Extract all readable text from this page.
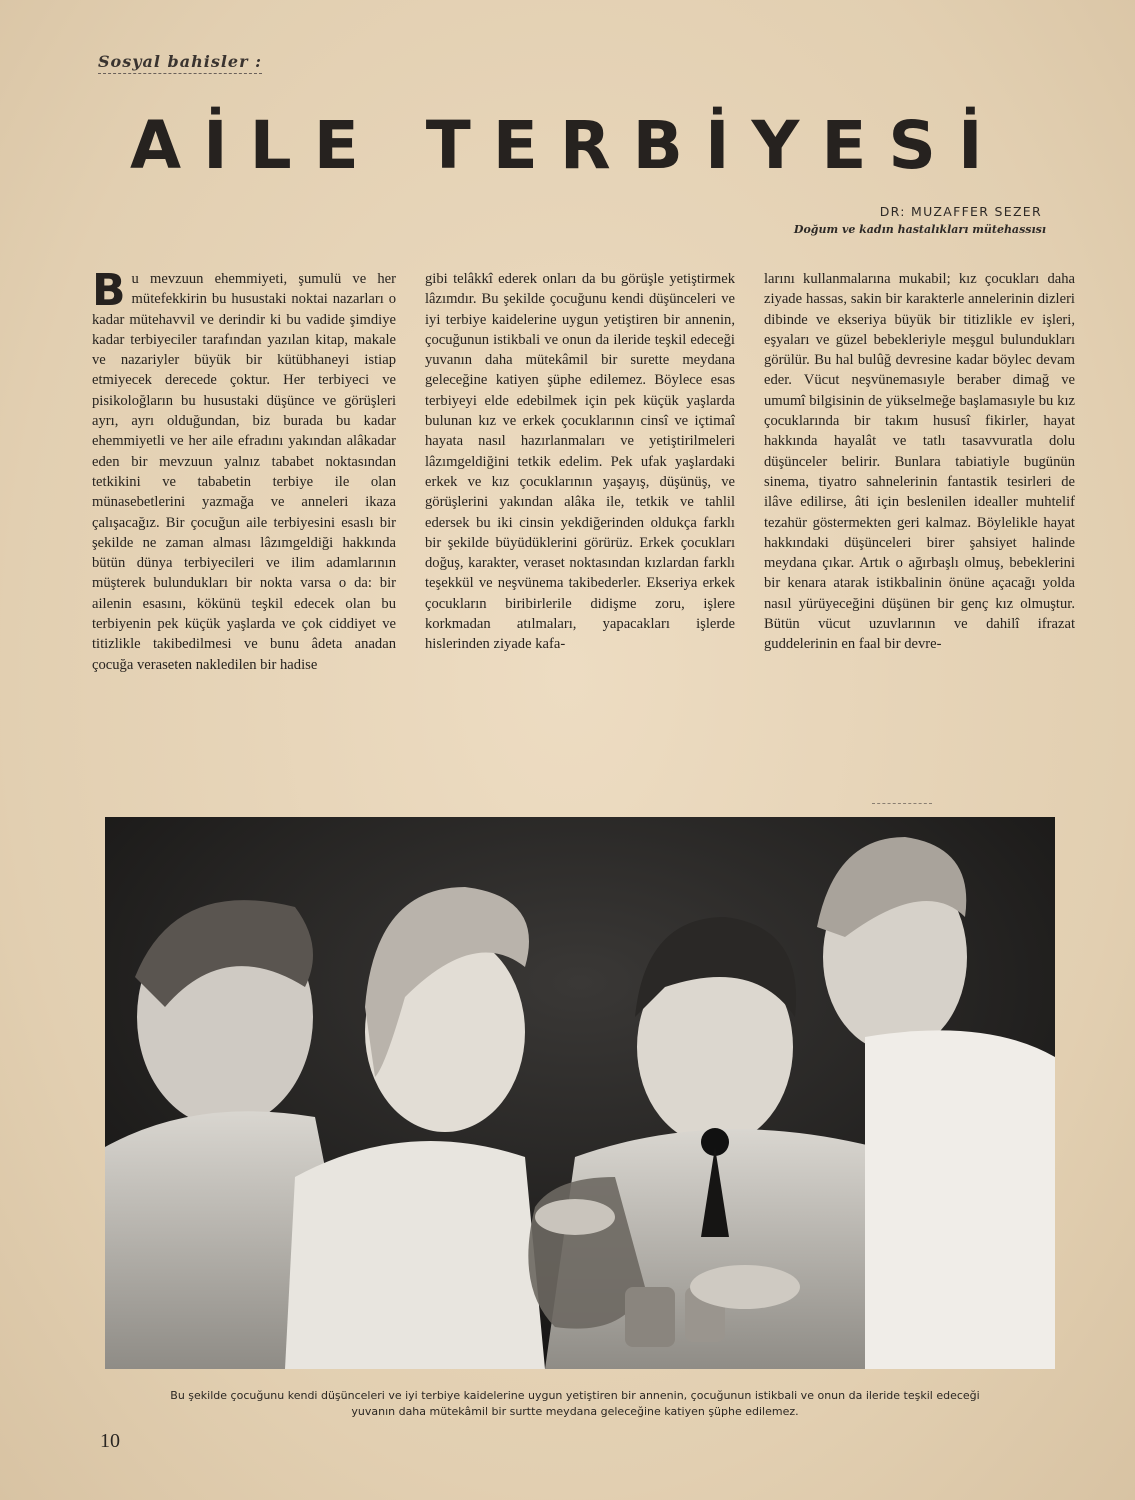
Sosyal bahisler :
AİLE TERBİYESİ
DR: MUZAFFER SEZER
Doğum ve kadın hastalıkları mütehassısı

Bu mevzuun ehemmiyeti, şumulü ve her mütefekkirin bu husustaki noktai nazarları o kadar mütehavvil ve derindir ki bu vadide şimdiye kadar terbiyeciler tarafından yazılan kitap, makale ve nazariyler büyük bir kütübhaneyi istiap etmiyecek derecede çoktur. Her terbiyeci ve pisikoloğların bu husustaki düşünce ve görüşleri ayrı, ayrı olduğundan, biz burada bu kadar ehemmiyetli ve her aile efradını yakından alâkadar eden bir mevzuun yalnız tababet noktasından tetkikini ve tababetin terbiye ile olan münasebetlerini yazmağa ve anneleri ikaza çalışacağız. Bir çocuğun aile terbiyesini esaslı bir şekilde ne zaman alması lâzımgeldiği hakkında bütün dünya terbiyecileri ve ilim adamlarının müşterek bulundukları bir nokta varsa o da: bir ailenin esasını, kökünü teşkil edecek olan bu terbiyenin pek küçük yaşlarda ve çok ciddiyet ve titizlikle takibedilmesi ve bunu âdeta anadan çocuğa veraseten nakledilen bir hadise

gibi telâkkî ederek onları da bu görüşle yetiştirmek lâzımdır. Bu şekilde çocuğunu kendi düşünceleri ve iyi terbiye kaidelerine uygun yetiştiren bir annenin, çocuğunun istikbali ve onun da ileride teşkil edeceği yuvanın daha mütekâmil bir surette meydana geleceğine katiyen şüphe edilemez. Böylece esas terbiyeyi elde edebilmek için pek küçük yaşlarda bulunan kız ve erkek çocuklarının cinsî ve içtimaî hayata nasıl hazırlanmaları ve yetiştirilmeleri lâzımgeldiğini tetkik edelim. Pek ufak yaşlardaki erkek ve kız çocuklarının yaşayış, düşünüş, ve görüşlerini yakından alâka ile, tetkik ve tahlil edersek bu iki cinsin yekdiğerinden oldukça farklı bir şekilde büyüdüklerini görürüz. Erkek çocukları doğuş, karakter, veraset noktasından kızlardan farklı teşekkül ve neşvünema takibederler. Ekseriya erkek çocukların biribirlerile didişme zoru, işlere korkmadan atılmaları, yapacakları işlerde hislerinden ziyade kafa-

larını kullanmalarına mukabil; kız çocukları daha ziyade hassas, sakin bir karakterle annelerinin dizleri dibinde ve ekseriya büyük bir titizlikle ev işleri, eşyaları ve güzel bebekleriyle meşgul bulundukları görülür. Bu hal bulûğ devresine kadar böylec devam eder. Vücut neşvünemasıyle beraber dimağ ve umumî bilgisinin de yükselmeğe başlamasıyle bu kız çocuklarında bir takım hususî fikirler, hayat hakkında hayalât ve tatlı tasavvuratla dolu düşünceler belirir. Bunlara tabiatiyle bugünün sinema, tiyatro sahnelerinin fantastik tesirleri de ilâve edilirse, âti için beslenilen idealler muhtelif tezahür göstermekten geri kalmaz. Böylelikle hayat hakkındaki düşünceleri birer şahsiyet halinde meydana çıkar. Artık o ağırbaşlı olmuş, bebeklerini bir kenara atarak istikbalinin önüne açacağı yolda nasıl yürüyeceğini düşünen bir genç kız olmuştur. Bütün vücut uzuvlarının ve dahilî ifrazat guddelerinin en faal bir devre-

Bu şekilde çocuğunu kendi düşünceleri ve iyi terbiye kaidelerine uygun yetiştiren bir annenin, çocuğunun istikbali ve onun da ileride teşkil edeceği
yuvanın daha mütekâmil bir surtte meydana geleceğine katiyen şüphe edilemez.
10
